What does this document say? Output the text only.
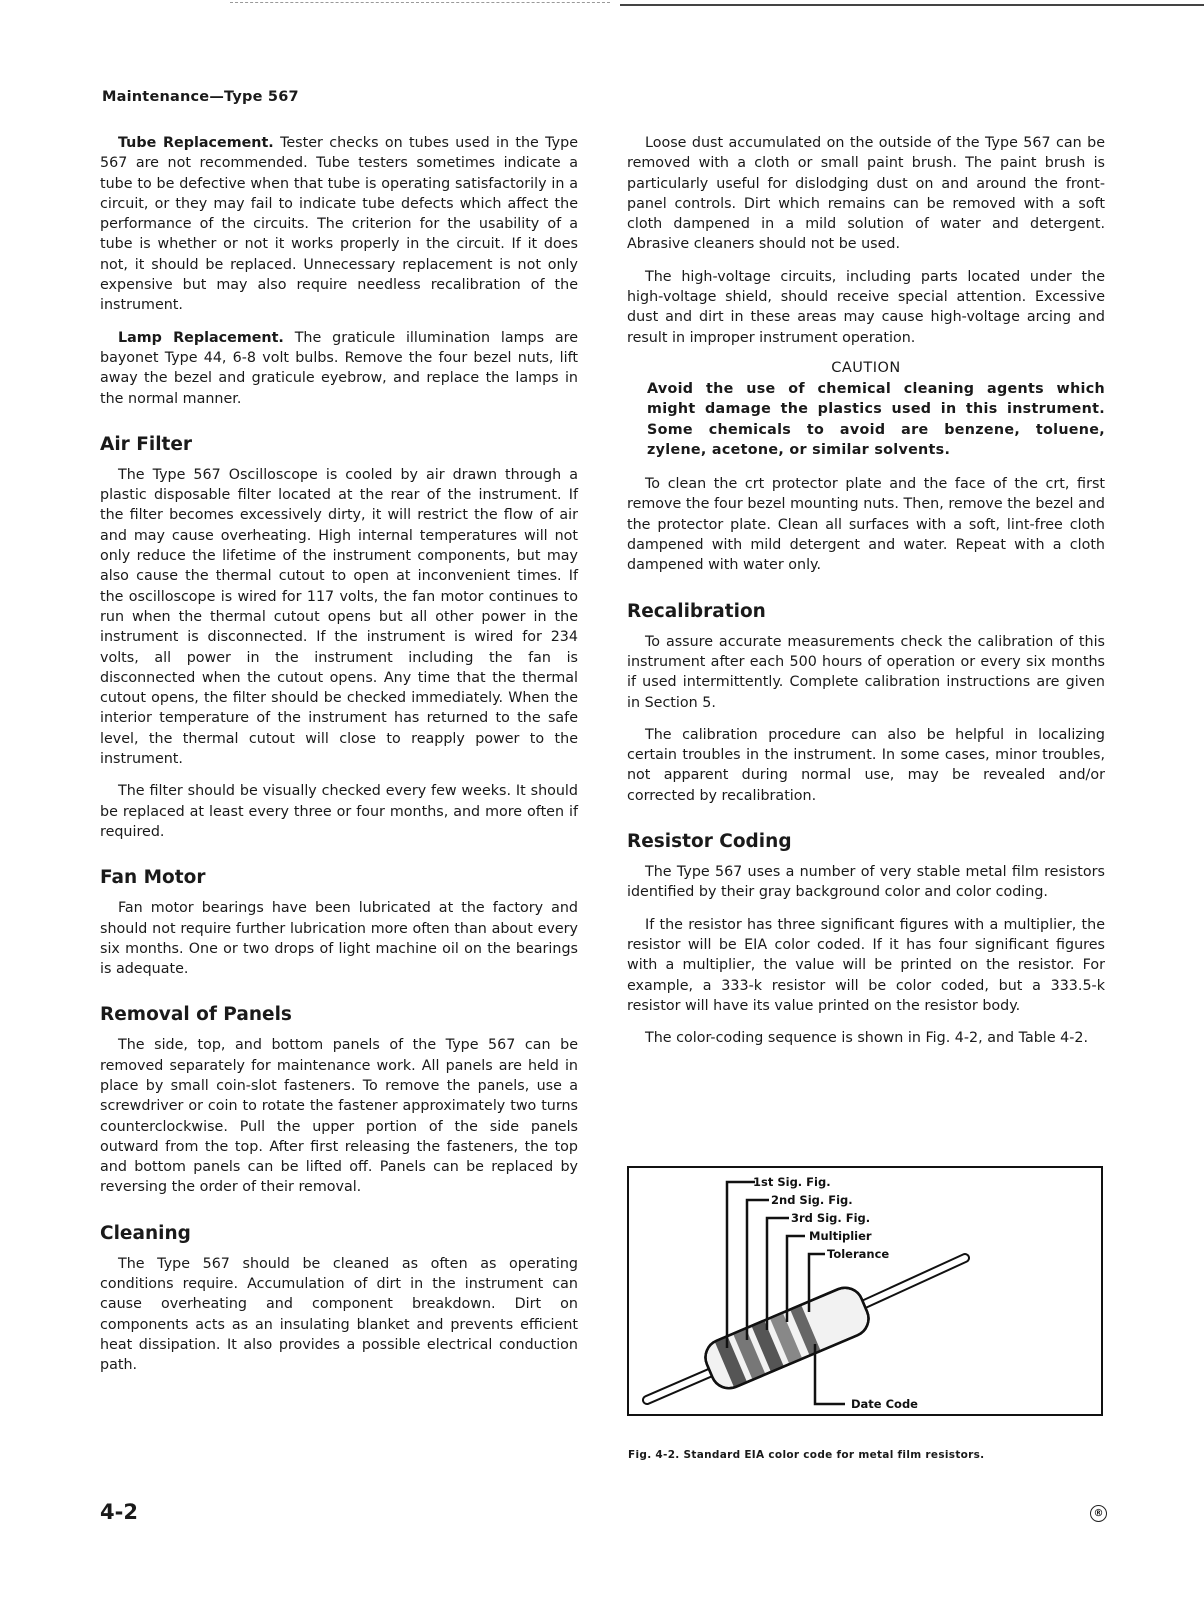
Maintenance—Type 567

Tube Replacement. Tester checks on tubes used in the Type 567 are not recommended. Tube testers sometimes indicate a tube to be defective when that tube is operating satisfactorily in a circuit, or they may fail to indicate tube defects which affect the performance of the circuits. The criterion for the usability of a tube is whether or not it works properly in the circuit. If it does not, it should be replaced. Unnecessary replacement is not only expensive but may also require needless recalibration of the instrument.

Lamp Replacement. The graticule illumination lamps are bayonet Type 44, 6-8 volt bulbs. Remove the four bezel nuts, lift away the bezel and graticule eyebrow, and replace the lamps in the normal manner.

Air Filter

The Type 567 Oscilloscope is cooled by air drawn through a plastic disposable filter located at the rear of the instrument. If the filter becomes excessively dirty, it will restrict the flow of air and may cause overheating. High internal temperatures will not only reduce the lifetime of the instrument components, but may also cause the thermal cutout to open at inconvenient times. If the oscilloscope is wired for 117 volts, the fan motor continues to run when the thermal cutout opens but all other power in the instrument is disconnected. If the instrument is wired for 234 volts, all power in the instrument including the fan is disconnected when the cutout opens. Any time that the thermal cutout opens, the filter should be checked immediately. When the interior temperature of the instrument has returned to the safe level, the thermal cutout will close to reapply power to the instrument.

The filter should be visually checked every few weeks. It should be replaced at least every three or four months, and more often if required.

Fan Motor

Fan motor bearings have been lubricated at the factory and should not require further lubrication more often than about every six months. One or two drops of light machine oil on the bearings is adequate.

Removal of Panels

The side, top, and bottom panels of the Type 567 can be removed separately for maintenance work. All panels are held in place by small coin-slot fasteners. To remove the panels, use a screwdriver or coin to rotate the fastener approximately two turns counterclockwise. Pull the upper portion of the side panels outward from the top. After first releasing the fasteners, the top and bottom panels can be lifted off. Panels can be replaced by reversing the order of their removal.

Cleaning

The Type 567 should be cleaned as often as operating conditions require. Accumulation of dirt in the instrument can cause overheating and component breakdown. Dirt on components acts as an insulating blanket and prevents efficient heat dissipation. It also provides a possible electrical conduction path.

Loose dust accumulated on the outside of the Type 567 can be removed with a cloth or small paint brush. The paint brush is particularly useful for dislodging dust on and around the front-panel controls. Dirt which remains can be removed with a soft cloth dampened in a mild solution of water and detergent. Abrasive cleaners should not be used.

The high-voltage circuits, including parts located under the high-voltage shield, should receive special attention. Excessive dust and dirt in these areas may cause high-voltage arcing and result in improper instrument operation.

CAUTION
Avoid the use of chemical cleaning agents which might damage the plastics used in this instrument. Some chemicals to avoid are benzene, toluene, zylene, acetone, or similar solvents.

To clean the crt protector plate and the face of the crt, first remove the four bezel mounting nuts. Then, remove the bezel and the protector plate. Clean all surfaces with a soft, lint-free cloth dampened with mild detergent and water. Repeat with a cloth dampened with water only.

Recalibration

To assure accurate measurements check the calibration of this instrument after each 500 hours of operation or every six months if used intermittently. Complete calibration instructions are given in Section 5.

The calibration procedure can also be helpful in localizing certain troubles in the instrument. In some cases, minor troubles, not apparent during normal use, may be revealed and/or corrected by recalibration.

Resistor Coding

The Type 567 uses a number of very stable metal film resistors identified by their gray background color and color coding.

If the resistor has three significant figures with a multiplier, the resistor will be EIA color coded. If it has four significant figures with a multiplier, the value will be printed on the resistor. For example, a 333-k resistor will be color coded, but a 333.5-k resistor will have its value printed on the resistor body.

The color-coding sequence is shown in Fig. 4-2, and Table 4-2.

1st Sig. Fig.
2nd Sig. Fig.
3rd Sig. Fig.
Multiplier
Tolerance
Date Code
Fig. 4-2. Standard EIA color code for metal film resistors.
4-2	®
